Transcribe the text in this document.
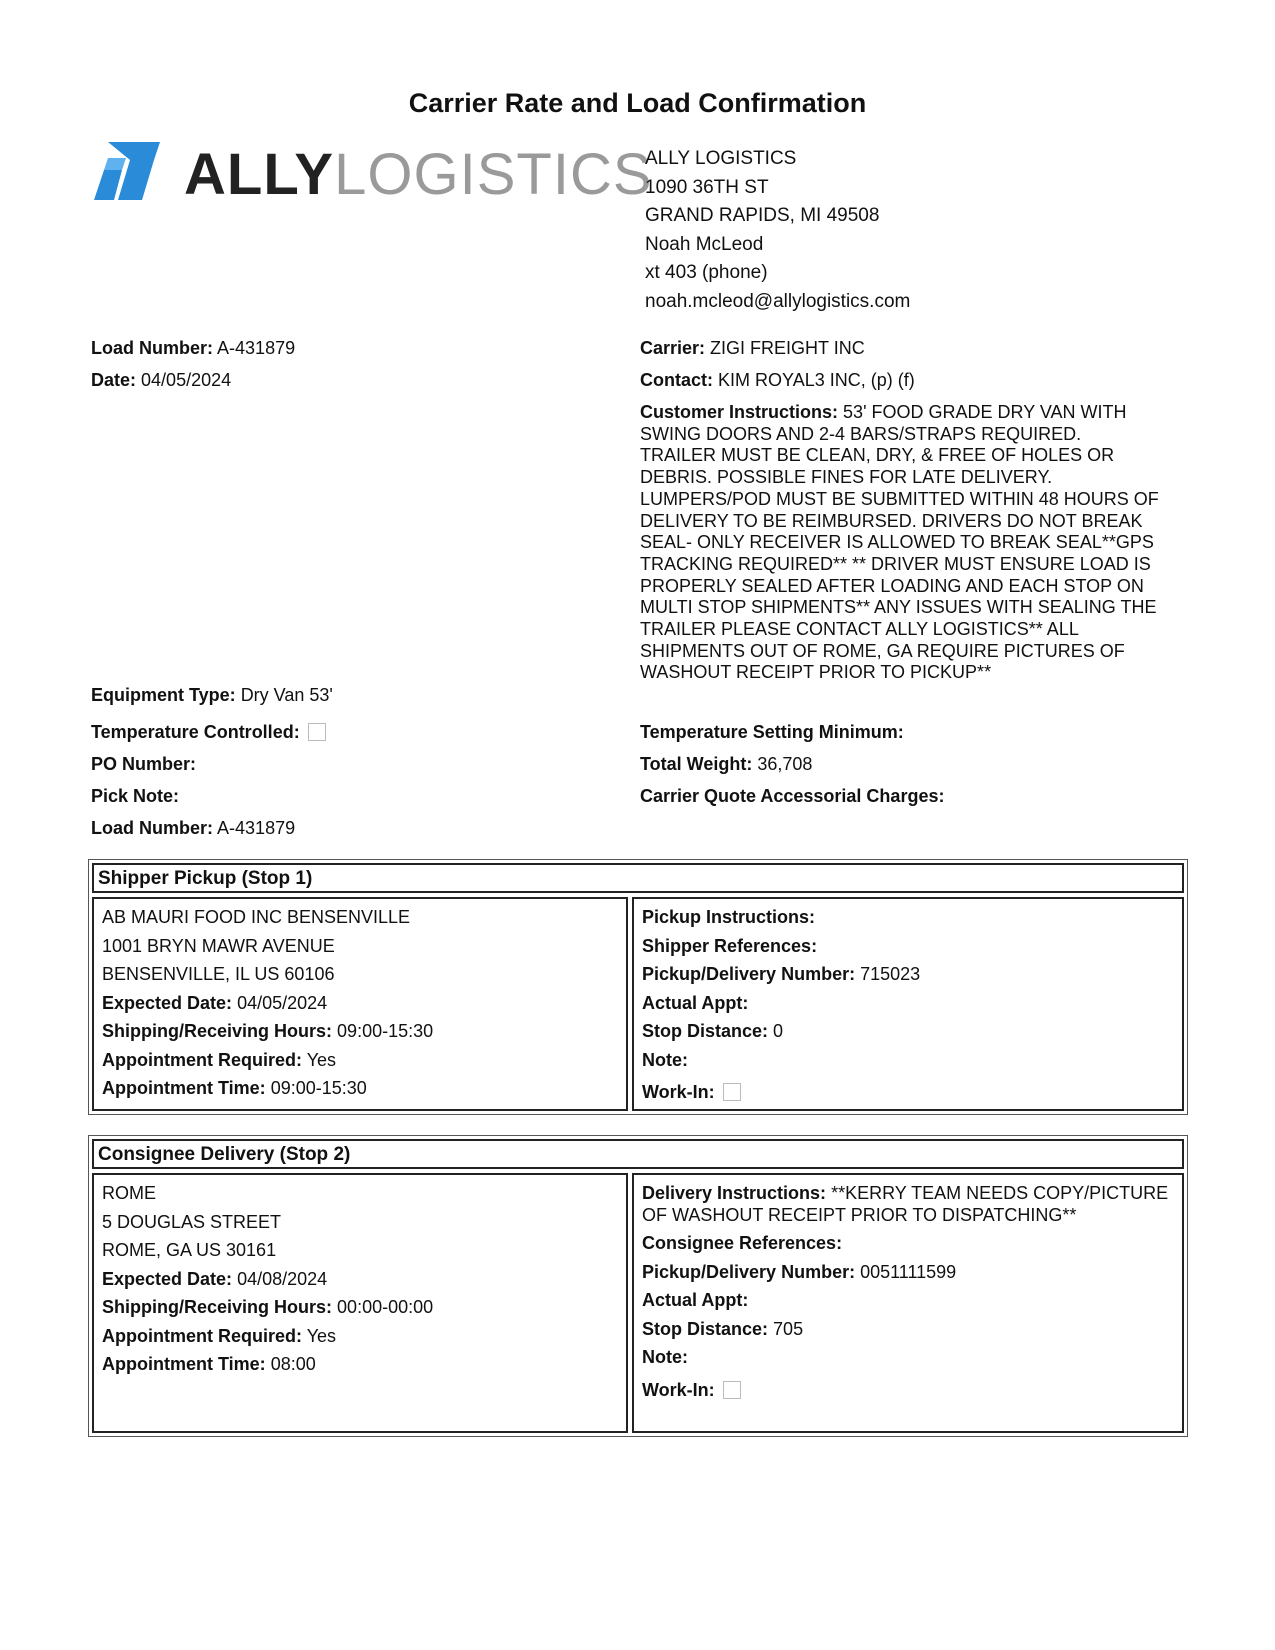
Carrier Rate and Load Confirmation
ALLYLOGISTICS
ALLY LOGISTICS
1090 36TH ST
GRAND RAPIDS, MI 49508
Noah McLeod
xt 403 (phone)
noah.mcleod@allylogistics.com
Load Number: A-431879
Date: 04/05/2024
Carrier: ZIGI FREIGHT INC
Contact: KIM ROYAL3 INC, (p) (f)
Customer Instructions: 53' FOOD GRADE DRY VAN WITH SWING DOORS AND 2-4 BARS/STRAPS REQUIRED. TRAILER MUST BE CLEAN, DRY, & FREE OF HOLES OR DEBRIS. POSSIBLE FINES FOR LATE DELIVERY. LUMPERS/POD MUST BE SUBMITTED WITHIN 48 HOURS OF DELIVERY TO BE REIMBURSED. DRIVERS DO NOT BREAK SEAL- ONLY RECEIVER IS ALLOWED TO BREAK SEAL**GPS TRACKING REQUIRED** ** DRIVER MUST ENSURE LOAD IS PROPERLY SEALED AFTER LOADING AND EACH STOP ON MULTI STOP SHIPMENTS** ANY ISSUES WITH SEALING THE TRAILER PLEASE CONTACT ALLY LOGISTICS** ALL SHIPMENTS OUT OF ROME, GA REQUIRE PICTURES OF WASHOUT RECEIPT PRIOR TO PICKUP**
Equipment Type: Dry Van 53'
Temperature Controlled:	Temperature Setting Minimum:
PO Number:	Total Weight: 36,708
Pick Note:	Carrier Quote Accessorial Charges:
Load Number: A-431879
Shipper Pickup (Stop 1)
AB MAURI FOOD INC BENSENVILLE
1001 BRYN MAWR AVENUE
BENSENVILLE, IL US 60106
Expected Date: 04/05/2024
Shipping/Receiving Hours: 09:00-15:30
Appointment Required: Yes
Appointment Time: 09:00-15:30
Pickup Instructions:
Shipper References:
Pickup/Delivery Number: 715023
Actual Appt:
Stop Distance: 0
Note:
Work-In:
Consignee Delivery (Stop 2)
ROME
5 DOUGLAS STREET
ROME, GA US 30161
Expected Date: 04/08/2024
Shipping/Receiving Hours: 00:00-00:00
Appointment Required: Yes
Appointment Time: 08:00
Delivery Instructions: **KERRY TEAM NEEDS COPY/PICTURE OF WASHOUT RECEIPT PRIOR TO DISPATCHING**
Consignee References:
Pickup/Delivery Number: 0051111599
Actual Appt:
Stop Distance: 705
Note:
Work-In:
